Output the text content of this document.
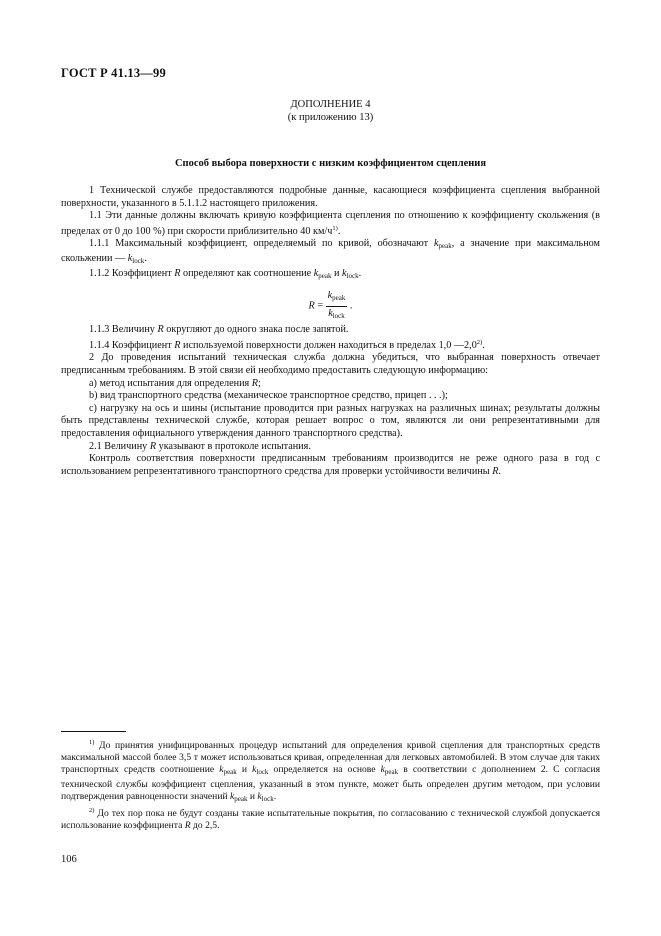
ГОСТ Р 41.13—99
ДОПОЛНЕНИЕ 4
(к приложению 13)
Способ выбора поверхности с низким коэффициентом сцепления

1 Технической службе предоставляются подробные данные, касающиеся коэффициента сцепления выбранной поверхности, указанного в 5.1.1.2 настоящего приложения.

1.1 Эти данные должны включать кривую коэффициента сцепления по отношению к коэффициенту скольжения (в пределах от 0 до 100 %) при скорости приблизительно 40 $км/ч^{1)}$.

1.1.1 Максимальный коэффициент, определяемый по кривой, обозначают $k_{peak}$, а значение при максимальном скольжении — $k_{lock}$.

1.1.2 Коэффициент R определяют как соотношение $k_{peak}$ и $k_{lock}$.

$R = \frac{k_{peak}}{k_{lock}}$ .

1.1.3 Величину R округляют до одного знака после запятой.

1.1.4 Коэффициент R используемой поверхности должен находиться в пределах 1,0 —2,0$^{2)}$.

2 До проведения испытаний техническая служба должна убедиться, что выбранная поверхность отвечает предписанным требованиям. В этой связи ей необходимо предоставить следующую информацию:

а) метод испытания для определения R;

b) вид транспортного средства (механическое транспортное средство, прицеп . . .);

с) нагрузку на ось и шины (испытание проводится при разных нагрузках на различных шинах; результаты должны быть представлены технической службе, которая решает вопрос о том, являются ли они репрезентативными для предоставления официального утверждения данного транспортного средства).

2.1 Величину R указывают в протоколе испытания.

Контроль соответствия поверхности предписанным требованиям производится не реже одного раза в год с использованием репрезентативного транспортного средства для проверки устойчивости величины R.

$^{1)}$ До принятия унифицированных процедур испытаний для определения кривой сцепления для транспортных средств максимальной массой более 3,5 т может использоваться кривая, определенная для легковых автомобилей. В этом случае для таких транспортных средств соотношение $k_{peak}$ и $k_{lock}$ определяется на основе $k_{peak}$ в соответствии с дополнением 2. С согласия технической службы коэффициент сцепления, указанный в этом пункте, может быть определен другим методом, при условии подтверждения равноценности значений $k_{peak}$ и $k_{lock}$.

$^{2)}$ До тех пор пока не будут созданы такие испытательные покрытия, по согласованию с технической службой допускается использование коэффициента R до 2,5.

106
